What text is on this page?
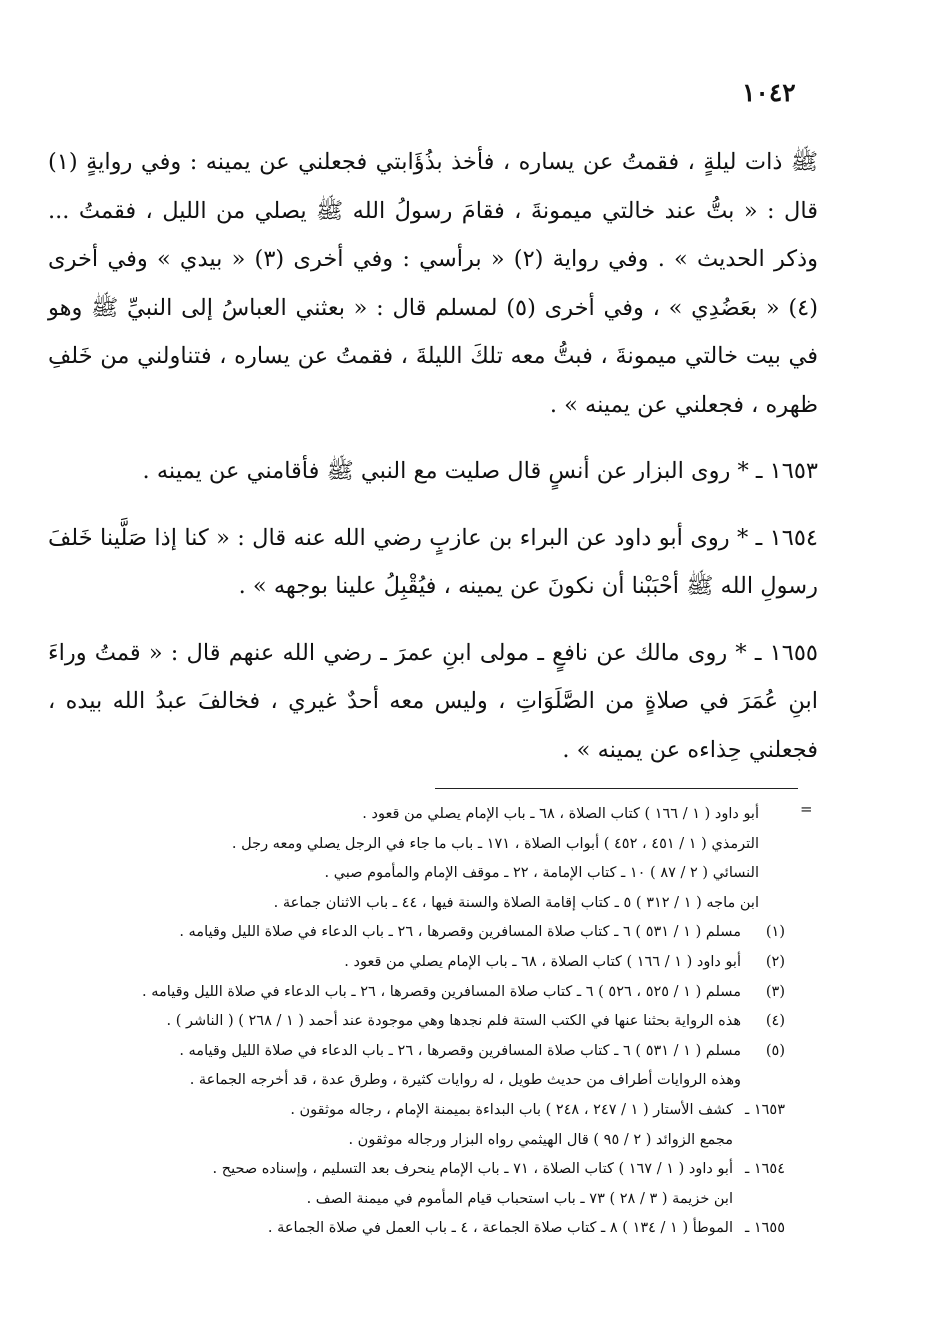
١٠٤٢

ﷺ ذات ليلةٍ ، فقمتُ عن يساره ، فأخذ بذُؤَابتي فجعلني عن يمينه : وفي روايةٍ (١) قال : « بتُّ عند خالتي ميمونةَ ، فقامَ رسولُ الله ﷺ يصلي من الليل ، فقمتُ ... وذكر الحديث » . وفي رواية (٢) « برأسي : وفي أخرى (٣) « بيدي » وفي أخرى (٤) « بعَضُدِي » ، وفي أخرى (٥) لمسلم قال : « بعثني العباسُ إلى النبيِّ ﷺ وهو في بيت خالتي ميمونةَ ، فبتُّ معه تلكَ الليلةَ ، فقمتُ عن يساره ، فتناولني من خَلفِ ظهره ، فجعلني عن يمينه » .

١٦٥٣ ـ * روى البزار عن أنسٍ قال صليت مع النبي ﷺ فأقامني عن يمينه .

١٦٥٤ ـ * روى أبو داود عن البراء بن عازبٍ رضي الله عنه قال : « كنا إذا صَلَّينا خَلفَ رسولِ الله ﷺ أحْبَبْنا أن نكونَ عن يمينه ، فيُقْبِلُ علينا بوجهه » .

١٦٥٥ ـ * روى مالك عن نافعٍ ـ مولى ابنِ عمرَ ـ رضي الله عنهم قال : « قمتُ وراءَ ابنِ عُمَرَ في صلاةٍ من الصَّلَوَاتِ ، وليس معه أحدٌ غيري ، فخالفَ عبدُ الله بيده ، فجعلني حِذاءه عن يمينه » .

=
أبو داود ( ١ / ١٦٦ ) كتاب الصلاة ، ٦٨ ـ باب الإمام يصلي من قعود .
الترمذي ( ١ / ٤٥١ ، ٤٥٢ ) أبواب الصلاة ، ١٧١ ـ باب ما جاء في الرجل يصلي ومعه رجل .
النسائي ( ٢ / ٨٧ ) ١٠ ـ كتاب الإمامة ، ٢٢ ـ موقف الإمام والمأموم صبي .
ابن ماجه ( ١ / ٣١٢ ) ٥ ـ كتاب إقامة الصلاة والسنة فيها ، ٤٤ ـ باب الاثنان جماعة .
(١)
مسلم ( ١ / ٥٣١ ) ٦ ـ كتاب صلاة المسافرين وقصرها ، ٢٦ ـ باب الدعاء في صلاة الليل وقيامه .
(٢)
أبو داود ( ١ / ١٦٦ ) كتاب الصلاة ، ٦٨ ـ باب الإمام يصلي من قعود .
(٣)
مسلم ( ١ / ٥٢٥ ، ٥٢٦ ) ٦ ـ كتاب صلاة المسافرين وقصرها ، ٢٦ ـ باب الدعاء في صلاة الليل وقيامه .
(٤)
هذه الرواية بحثنا عنها في الكتب الستة فلم نجدها وهي موجودة عند أحمد ( ١ / ٢٦٨ ) ( الناشر ) .
(٥)
مسلم ( ١ / ٥٣١ ) ٦ ـ كتاب صلاة المسافرين وقصرها ، ٢٦ ـ باب الدعاء في صلاة الليل وقيامه .
وهذه الروايات أطراف من حديث طويل ، له روايات كثيرة ، وطرق عدة ، قد أخرجه الجماعة .
١٦٥٣ ـ
كشف الأستار ( ١ / ٢٤٧ ، ٢٤٨ ) باب البداءة بميمنة الإمام ، رجاله موثقون .
مجمع الزوائد ( ٢ / ٩٥ ) قال الهيثمي رواه البزار ورجاله موثقون .
١٦٥٤ ـ
أبو داود ( ١ / ١٦٧ ) كتاب الصلاة ، ٧١ ـ باب الإمام ينحرف بعد التسليم ، وإسناده صحيح .
ابن خزيمة ( ٣ / ٢٨ ) ٧٣ ـ باب استحباب قيام المأموم في ميمنة الصف .
١٦٥٥ ـ
الموطأ ( ١ / ١٣٤ ) ٨ ـ كتاب صلاة الجماعة ، ٤ ـ باب العمل في صلاة الجماعة .
